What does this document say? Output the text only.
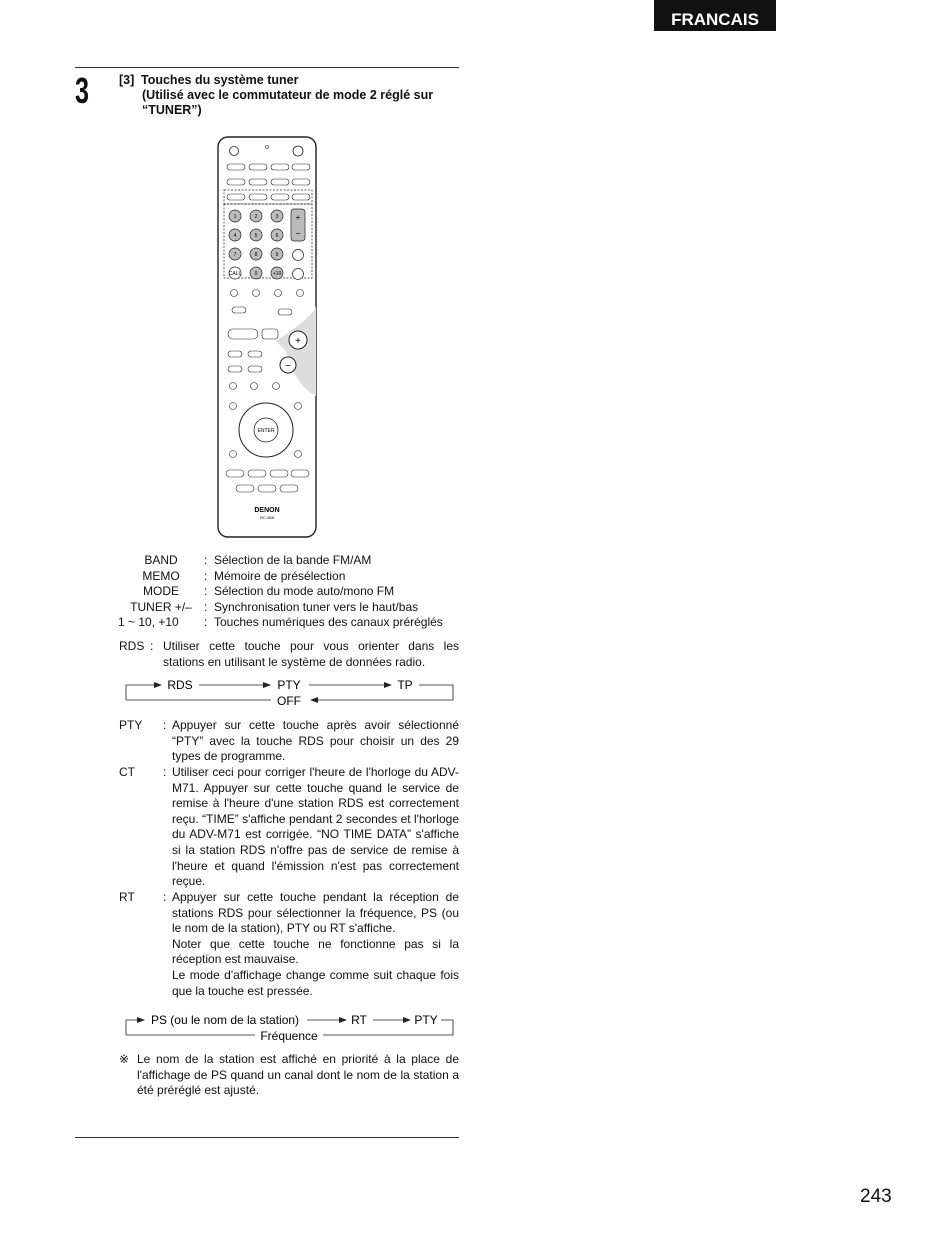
FRANCAIS
3 [3] Touches du système tuner
(Utilisé avec le commutateur de mode 2 réglé sur
“TUNER”)
1	2	3
4	5	6
7	8	9
CALL	0	+10
+
−
+
−
ENTER
DENON
RC-968
BAND	: Sélection de la bande FM/AM
MEMO	: Mémoire de présélection
MODE	: Sélection du mode auto/mono FM
TUNER +/–	: Synchronisation tuner vers le haut/bas
1 ~ 10, +10	: Touches numériques des canaux préréglés
RDS : Utiliser cette touche pour vous orienter dans les
stations en utilisant le système de données radio.
RDS	PTY	TP
OFF
PTY : Appuyer sur cette touche après avoir sélectionné “PTY” avec la touche RDS pour choisir un des 29 types de programme.
CT : Utiliser ceci pour corriger l'heure de l'horloge du ADV-M71. Appuyer sur cette touche quand le service de remise à l'heure d'une station RDS est correctement reçu. “TIME” s'affiche pendant 2 secondes et l'horloge du ADV-M71 est corrigée. “NO TIME DATA” s'affiche si la station RDS n'offre pas de service de remise à l'heure et quand l'émission n'est pas correctement reçue.
RT : Appuyer sur cette touche pendant la réception de stations RDS pour sélectionner la fréquence, PS (ou le nom de la station), PTY ou RT s'affiche.
Noter que cette touche ne fonctionne pas si la réception est mauvaise.
Le mode d'affichage change comme suit chaque fois que la touche est pressée.
PS (ou le nom de la station)	RT	PTY
Fréquence
※ Le nom de la station est affiché en priorité à la place de l'affichage de PS quand un canal dont le nom de la station a été préréglé est ajusté.
243
